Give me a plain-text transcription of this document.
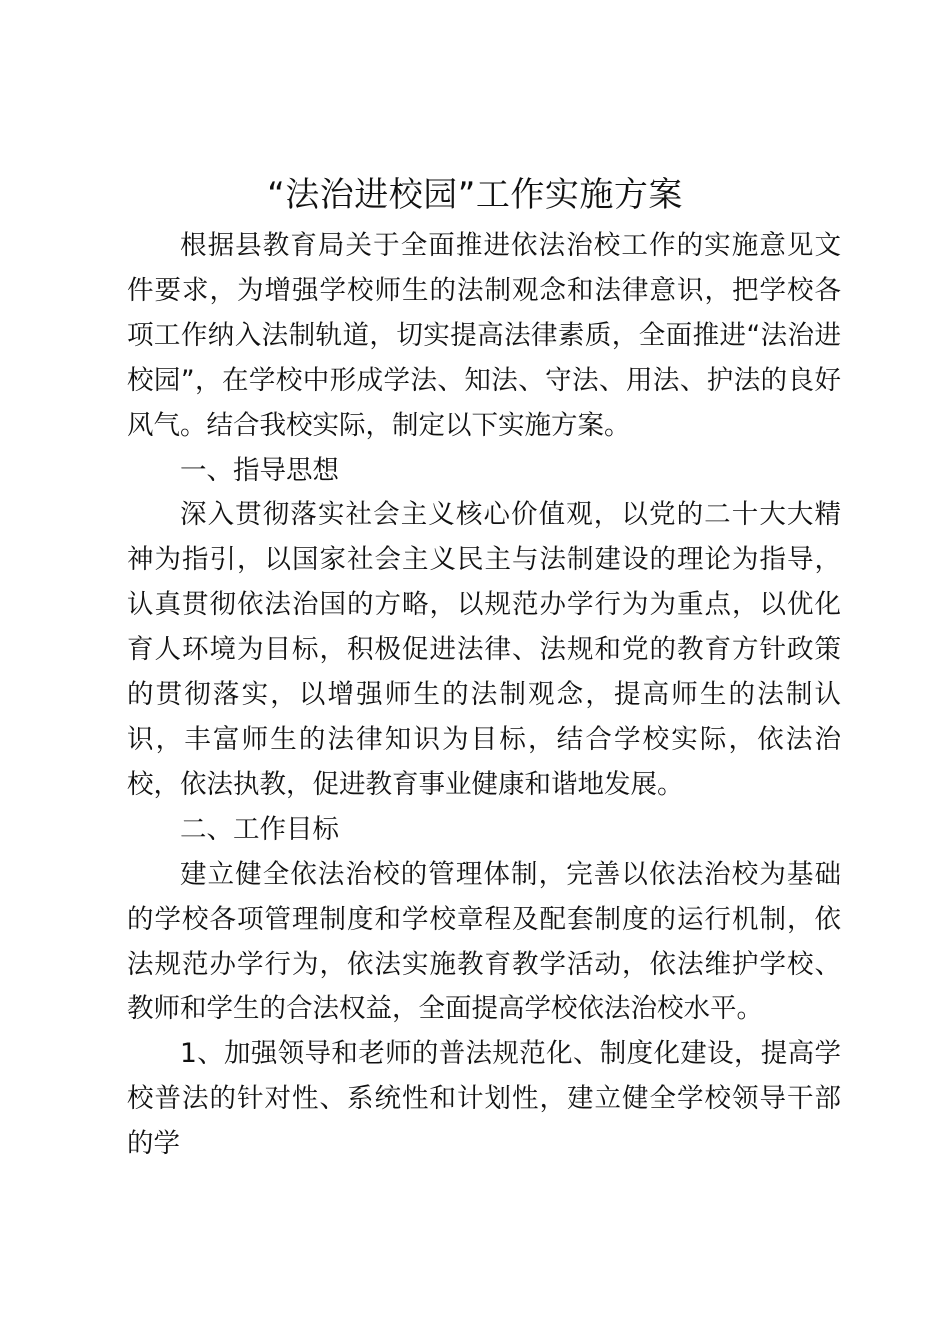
“法治进校园”工作实施方案

根据县教育局关于全面推进依法治校工作的实施意见文件要求，为增强学校师生的法制观念和法律意识，把学校各项工作纳入法制轨道，切实提高法律素质，全面推进“法治进校园”，在学校中形成学法、知法、守法、用法、护法的良好风气。结合我校实际，制定以下实施方案。

一、指导思想

深入贯彻落实社会主义核心价值观，以党的二十大大精神为指引，以国家社会主义民主与法制建设的理论为指导，认真贯彻依法治国的方略，以规范办学行为为重点，以优化育人环境为目标，积极促进法律、法规和党的教育方针政策的贯彻落实，以增强师生的法制观念，提高师生的法制认识，丰富师生的法律知识为目标，结合学校实际，依法治校，依法执教，促进教育事业健康和谐地发展。

二、工作目标

建立健全依法治校的管理体制，完善以依法治校为基础的学校各项管理制度和学校章程及配套制度的运行机制，依法规范办学行为，依法实施教育教学活动，依法维护学校、教师和学生的合法权益，全面提高学校依法治校水平。

1、加强领导和老师的普法规范化、制度化建设，提高学校普法的针对性、系统性和计划性，建立健全学校领导干部的学
